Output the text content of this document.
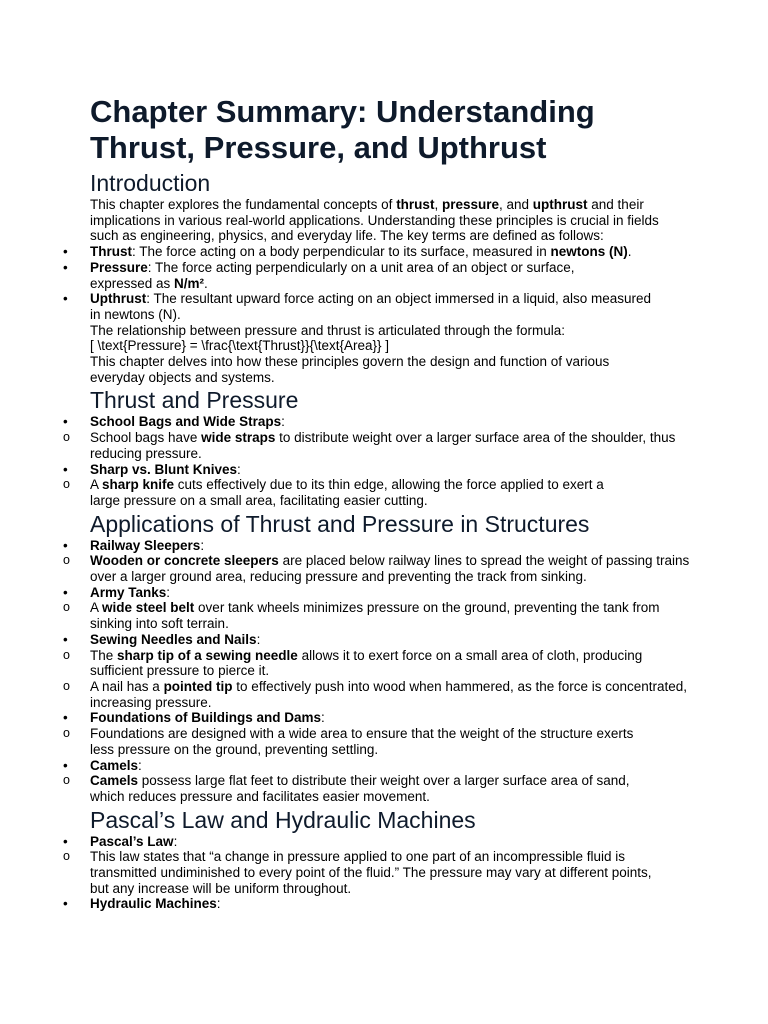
Chapter Summary: Understanding Thrust, Pressure, and Upthrust
Introduction

This chapter explores the fundamental concepts of thrust, pressure, and upthrust and their implications in various real-world applications. Understanding these principles is crucial in fields such as engineering, physics, and everyday life. The key terms are defined as follows:

• Thrust: The force acting on a body perpendicular to its surface, measured in newtons (N).
• Pressure: The force acting perpendicularly on a unit area of an object or surface, expressed as N/m².
• Upthrust: The resultant upward force acting on an object immersed in a liquid, also measured in newtons (N).

The relationship between pressure and thrust is articulated through the formula:

[ \text{Pressure} = \frac{\text{Thrust}}{\text{Area}} ]

This chapter delves into how these principles govern the design and function of various everyday objects and systems.

Thrust and Pressure
• School Bags and Wide Straps:
o School bags have wide straps to distribute weight over a larger surface area of the shoulder, thus reducing pressure.
• Sharp vs. Blunt Knives:
o A sharp knife cuts effectively due to its thin edge, allowing the force applied to exert a large pressure on a small area, facilitating easier cutting.
Applications of Thrust and Pressure in Structures
• Railway Sleepers:
o Wooden or concrete sleepers are placed below railway lines to spread the weight of passing trains over a larger ground area, reducing pressure and preventing the track from sinking.
• Army Tanks:
o A wide steel belt over tank wheels minimizes pressure on the ground, preventing the tank from sinking into soft terrain.
• Sewing Needles and Nails:
o The sharp tip of a sewing needle allows it to exert force on a small area of cloth, producing sufficient pressure to pierce it.
o A nail has a pointed tip to effectively push into wood when hammered, as the force is concentrated, increasing pressure.
• Foundations of Buildings and Dams:
o Foundations are designed with a wide area to ensure that the weight of the structure exerts less pressure on the ground, preventing settling.
• Camels:
o Camels possess large flat feet to distribute their weight over a larger surface area of sand, which reduces pressure and facilitates easier movement.
Pascal’s Law and Hydraulic Machines
• Pascal’s Law:
o This law states that “a change in pressure applied to one part of an incompressible fluid is transmitted undiminished to every point of the fluid.” The pressure may vary at different points, but any increase will be uniform throughout.
• Hydraulic Machines:
